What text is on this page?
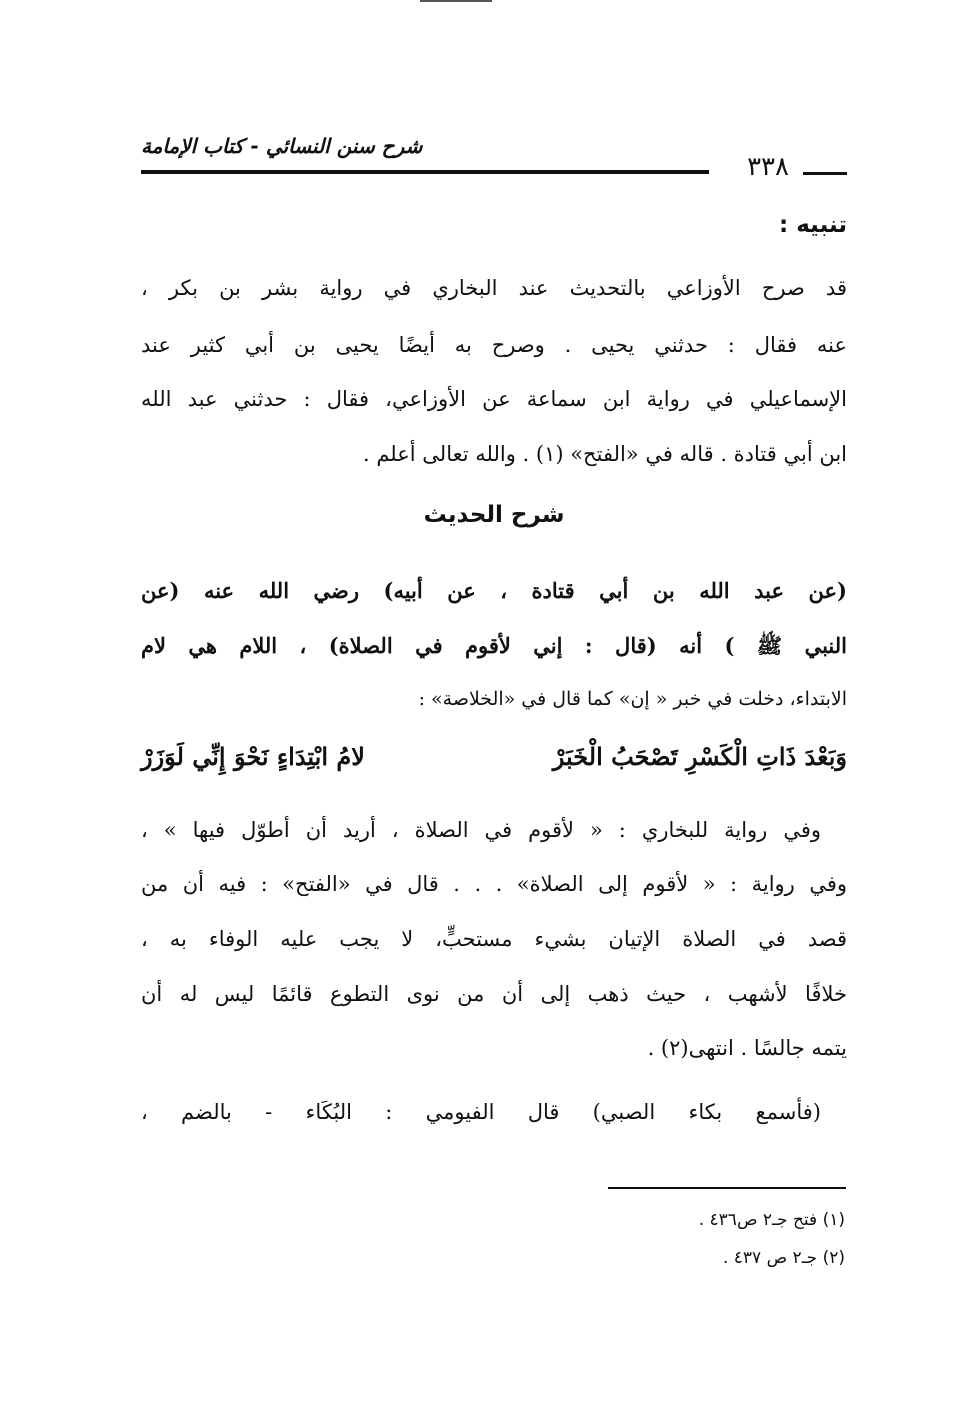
شرح سنن النسائي - كتاب الإمامة
٣٣٨
تنبيه :
قد صرح الأوزاعي بالتحديث عند البخاري في رواية بشر بن بكر ،
عنه فقال : حدثني يحيى . وصرح به أيضًا يحيى بن أبي كثير عند
الإسماعيلي في رواية ابن سماعة عن الأوزاعي، فقال : حدثني عبد الله
ابن أبي قتادة . قاله في «الفتح» (١) . والله تعالى أعلم .
شرح الحديث
(عن عبد الله بن أبي قتادة ، عن أبيه) رضي الله عنه (عن
النبي ﷺ ) أنه (قال : إني لأقوم في الصلاة) ، اللام هي لام
الابتداء، دخلت في خبر « إن» كما قال في «الخلاصة» :
وَبَعْدَ ذَاتِ الْكَسْرِ تَصْحَبُ الْخَبَرْ
لامُ ابْتِدَاءٍ نَحْوَ إِنِّي لَوَزَرْ
وفي رواية للبخاري : « لأقوم في الصلاة ، أريد أن أطوّل فيها » ،
وفي رواية : « لأقوم إلى الصلاة» . . . قال في «الفتح» : فيه أن من
قصد في الصلاة الإتيان بشيء مستحبٍّ، لا يجب عليه الوفاء به ،
خلافًا لأشهب ، حيث ذهب إلى أن من نوى التطوع قائمًا ليس له أن
يتمه جالسًا . انتهى(٢) .
(فأسمع بكاء الصبي) قال الفيومي : البُكَاء - بالضم ،
(١) فتح جـ٢ ص٤٣٦ .
(٢) جـ٢ ص ٤٣٧ .
